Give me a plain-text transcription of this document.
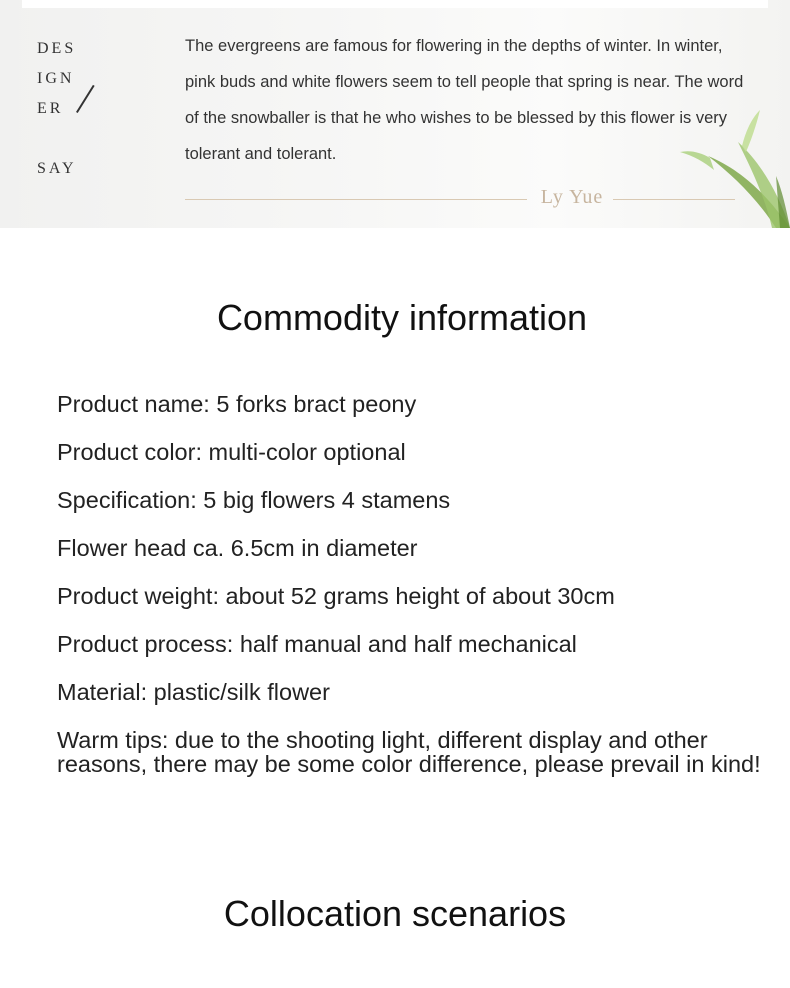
DES
IGN
ER
SAY
The evergreens are famous for flowering in the depths of winter. In winter, pink buds and white flowers seem to tell people that spring is near. The word of the snowballer is that he who wishes to be blessed by this flower is very tolerant and tolerant.
Ly Yue
Commodity information
Product name: 5 forks bract peony
Product color: multi-color optional
Specification: 5 big flowers 4 stamens
Flower head ca. 6.5cm in diameter
Product weight: about 52 grams height of about 30cm
Product process: half manual and half mechanical
Material: plastic/silk flower
Warm tips: due to the shooting light, different display and other reasons, there may be some color difference, please prevail in kind!
Collocation scenarios
